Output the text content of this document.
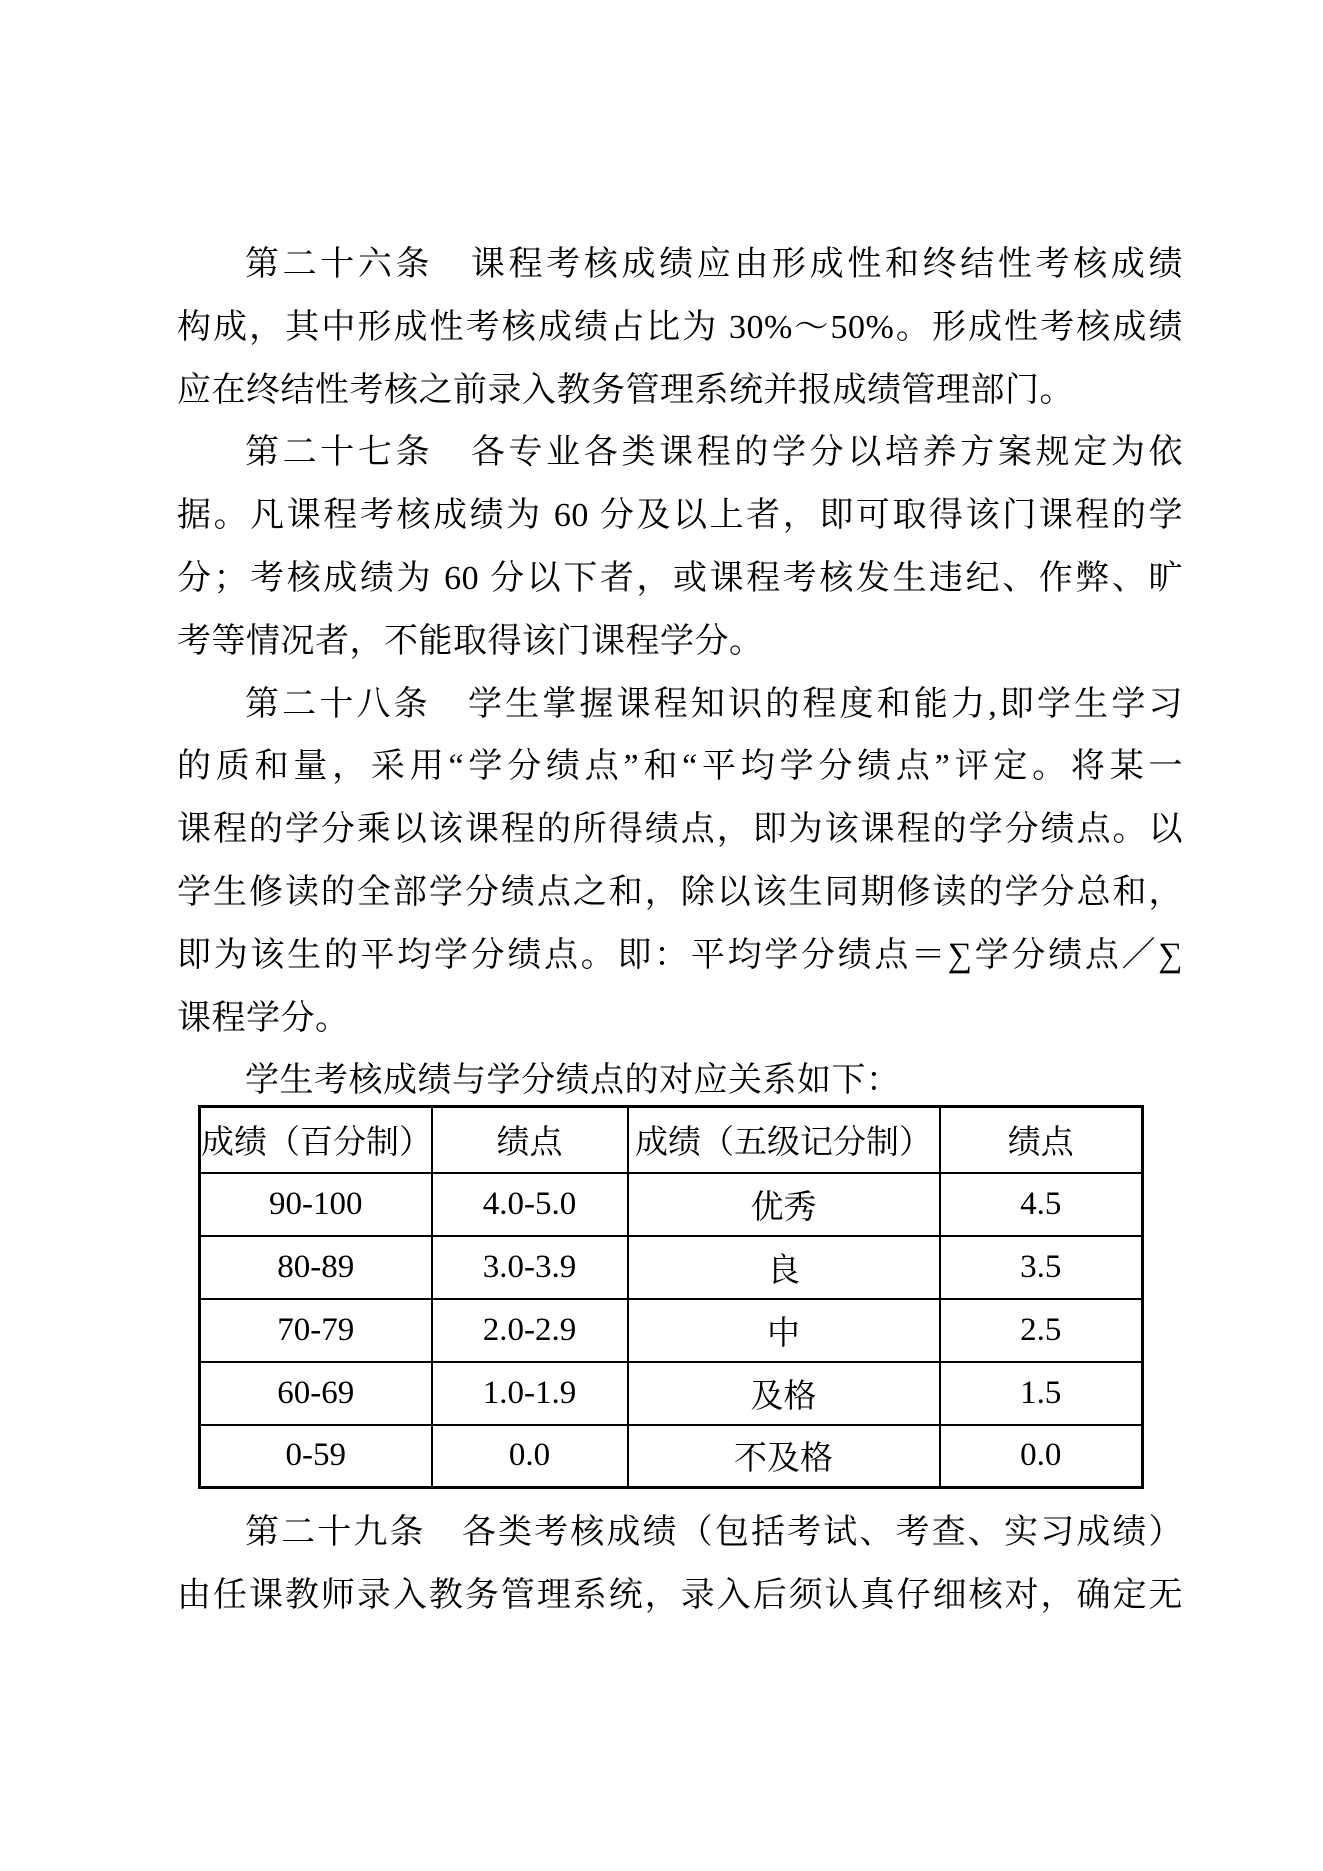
第二十六条　课程考核成绩应由形成性和终结性考核成绩
构成，其中形成性考核成绩占比为 30%～50%。形成性考核成绩
应在终结性考核之前录入教务管理系统并报成绩管理部门。
第二十七条　各专业各类课程的学分以培养方案规定为依
据。凡课程考核成绩为 60 分及以上者，即可取得该门课程的学
分；考核成绩为 60 分以下者，或课程考核发生违纪、作弊、旷
考等情况者，不能取得该门课程学分。
第二十八条　学生掌握课程知识的程度和能力,即学生学习
的质和量，采用“学分绩点”和“平均学分绩点”评定。将某一
课程的学分乘以该课程的所得绩点，即为该课程的学分绩点。以
学生修读的全部学分绩点之和，除以该生同期修读的学分总和，
即为该生的平均学分绩点。即：平均学分绩点＝∑学分绩点／∑
课程学分。
学生考核成绩与学分绩点的对应关系如下：
成绩（百分制）	绩点	成绩（五级记分制）	绩点
90-100	4.0-5.0	优秀	4.5
80-89	3.0-3.9	良	3.5
70-79	2.0-2.9	中	2.5
60-69	1.0-1.9	及格	1.5
0-59	0.0	不及格	0.0
第二十九条　各类考核成绩（包括考试、考查、实习成绩）
由任课教师录入教务管理系统，录入后须认真仔细核对，确定无
